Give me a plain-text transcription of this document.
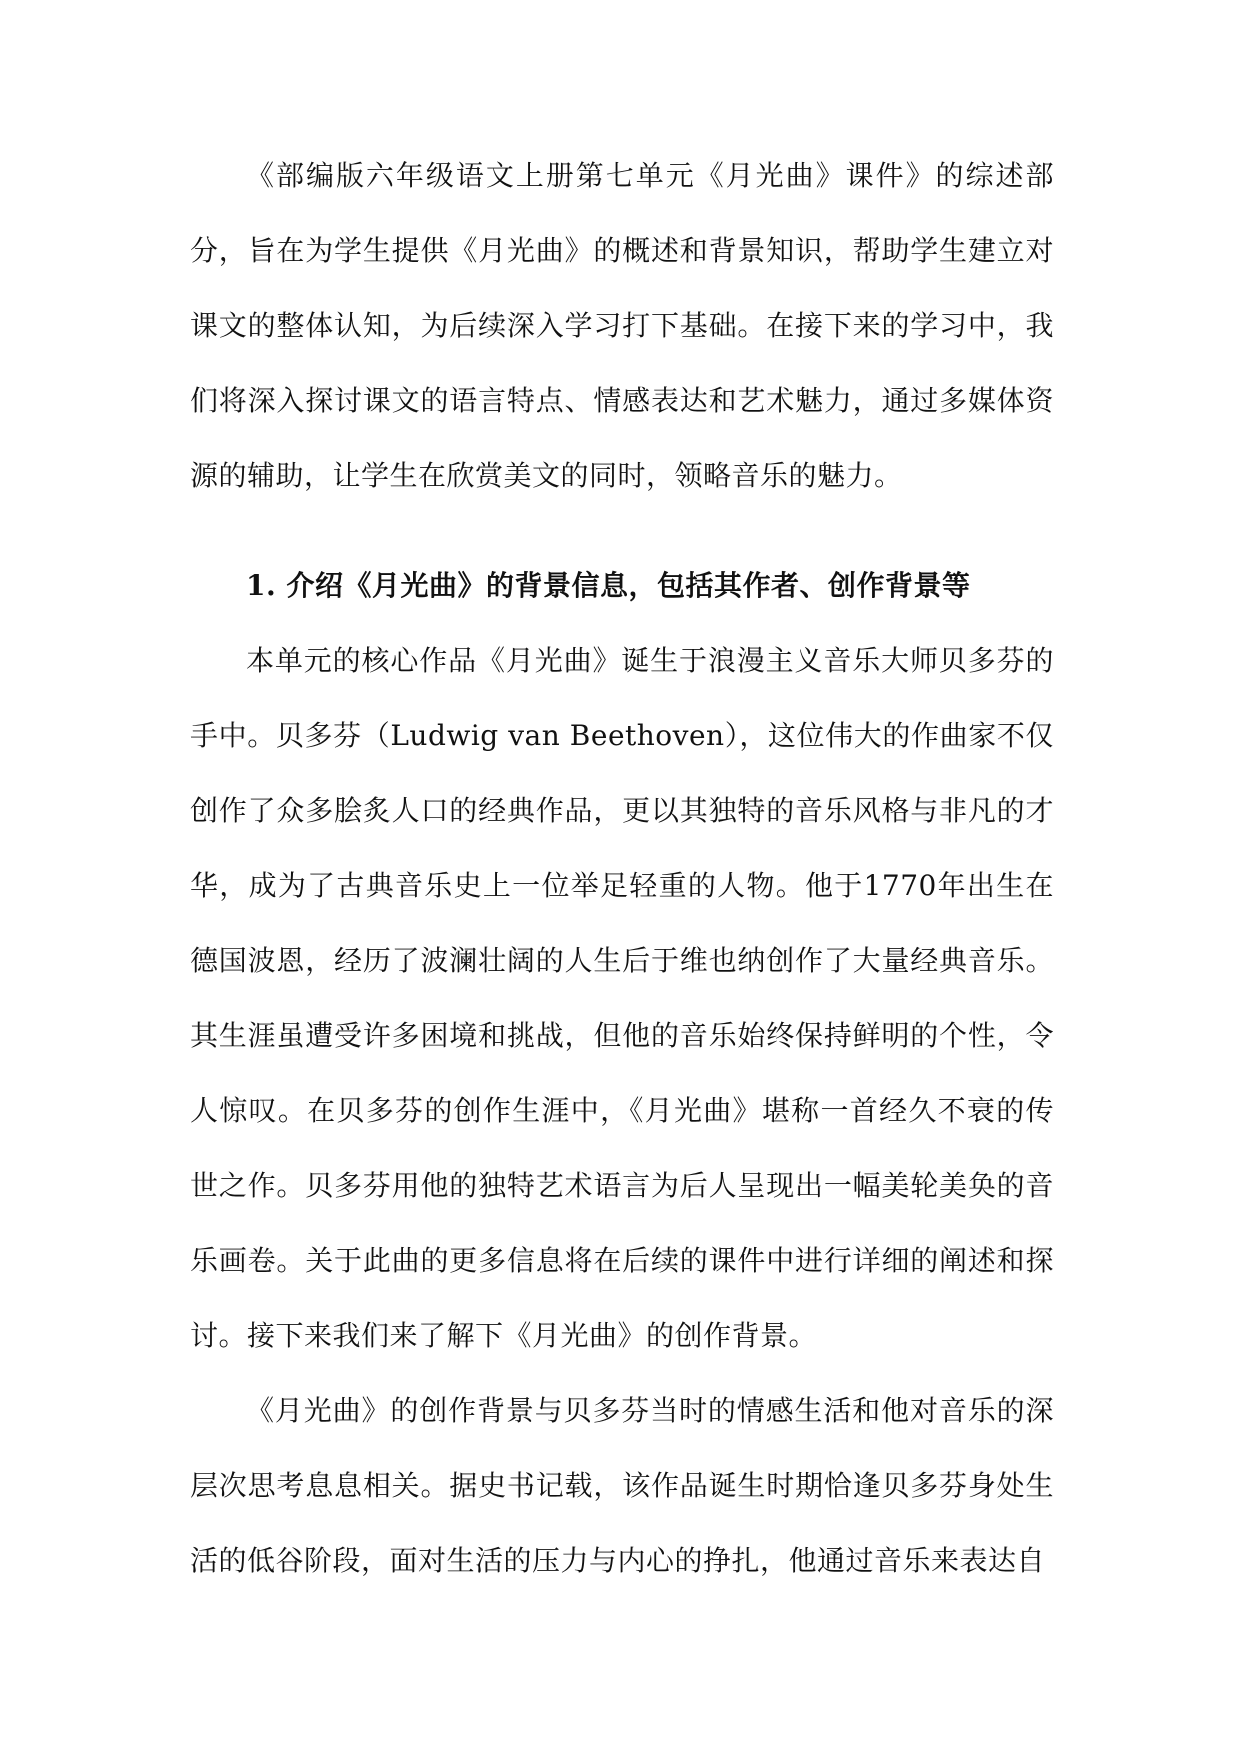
《部编版六年级语文上册第七单元《月光曲》课件》的综述部分，旨在为学生提供《月光曲》的概述和背景知识，帮助学生建立对课文的整体认知，为后续深入学习打下基础。在接下来的学习中，我们将深入探讨课文的语言特点、情感表达和艺术魅力，通过多媒体资源的辅助，让学生在欣赏美文的同时，领略音乐的魅力。

1. 介绍《月光曲》的背景信息，包括其作者、创作背景等

本单元的核心作品《月光曲》诞生于浪漫主义音乐大师贝多芬的手中。贝多芬（Ludwig van Beethoven），这位伟大的作曲家不仅创作了众多脍炙人口的经典作品，更以其独特的音乐风格与非凡的才华，成为了古典音乐史上一位举足轻重的人物。他于1770年出生在德国波恩，经历了波澜壮阔的人生后于维也纳创作了大量经典音乐。其生涯虽遭受许多困境和挑战，但他的音乐始终保持鲜明的个性，令人惊叹。在贝多芬的创作生涯中，《月光曲》堪称一首经久不衰的传世之作。贝多芬用他的独特艺术语言为后人呈现出一幅美轮美奂的音乐画卷。关于此曲的更多信息将在后续的课件中进行详细的阐述和探讨。接下来我们来了解下《月光曲》的创作背景。

《月光曲》的创作背景与贝多芬当时的情感生活和他对音乐的深层次思考息息相关。据史书记载，该作品诞生时期恰逢贝多芬身处生活的低谷阶段，面对生活的压力与内心的挣扎，他通过音乐来表达自
